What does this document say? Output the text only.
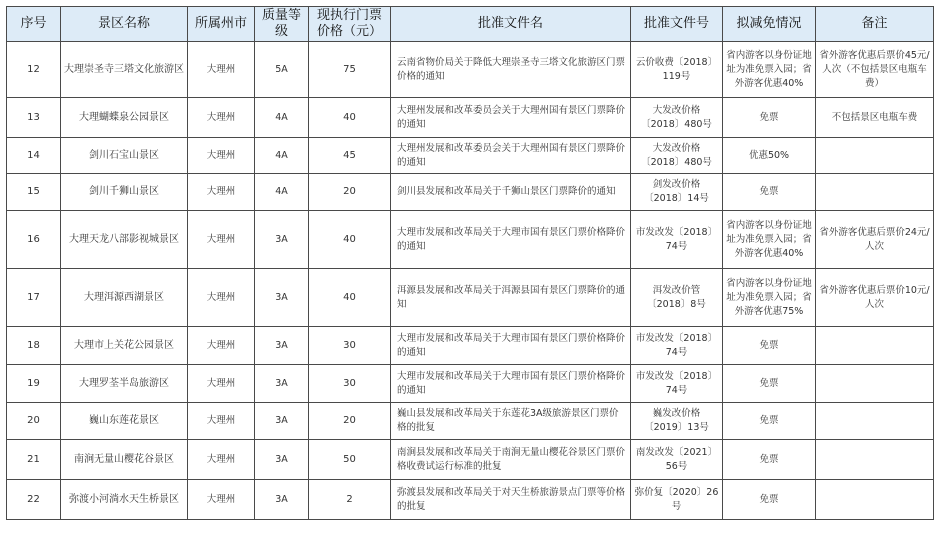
序号	景区名称	所属州市	质量等级	现执行门票价格（元）	批准文件名	批准文件号	拟减免情况	备注
12	大理崇圣寺三塔文化旅游区	大理州	5A	75	云南省物价局关于降低大理崇圣寺三塔文化旅游区门票价格的通知	云价收费〔2018〕119号	省内游客以身份证地址为准免票入园；省外游客优惠40%	省外游客优惠后票价45元/人次（不包括景区电瓶车费）
13	大理蝴蝶泉公园景区	大理州	4A	40	大理州发展和改革委员会关于大理州国有景区门票降价的通知	大发改价格〔2018〕480号	免票	不包括景区电瓶车费
14	剑川石宝山景区	大理州	4A	45	大理州发展和改革委员会关于大理州国有景区门票降价的通知	大发改价格〔2018〕480号	优惠50%	
15	剑川千狮山景区	大理州	4A	20	剑川县发展和改革局关于千狮山景区门票降价的通知	剑发改价格〔2018〕14号	免票	
16	大理天龙八部影视城景区	大理州	3A	40	大理市发展和改革局关于大理市国有景区门票价格降价的通知	市发改发〔2018〕74号	省内游客以身份证地址为准免票入园；省外游客优惠40%	省外游客优惠后票价24元/人次
17	大理洱源西湖景区	大理州	3A	40	洱源县发展和改革局关于洱源县国有景区门票降价的通知	洱发改价管〔2018〕8号	省内游客以身份证地址为准免票入园；省外游客优惠75%	省外游客优惠后票价10元/人次
18	大理市上关花公园景区	大理州	3A	30	大理市发展和改革局关于大理市国有景区门票价格降价的通知	市发改发〔2018〕74号	免票	
19	大理罗荃半岛旅游区	大理州	3A	30	大理市发展和改革局关于大理市国有景区门票价格降价的通知	市发改发〔2018〕74号	免票	
20	巍山东莲花景区	大理州	3A	20	巍山县发展和改革局关于东莲花3A级旅游景区门票价格的批复	巍发改价格〔2019〕13号	免票	
21	南涧无量山樱花谷景区	大理州	3A	50	南涧县发展和改革局关于南涧无量山樱花谷景区门票价格收费试运行标准的批复	南发改发〔2021〕56号	免票	
22	弥渡小河淌水天生桥景区	大理州	3A	2	弥渡县发展和改革局关于对天生桥旅游景点门票等价格的批复	弥价复〔2020〕26号	免票	
